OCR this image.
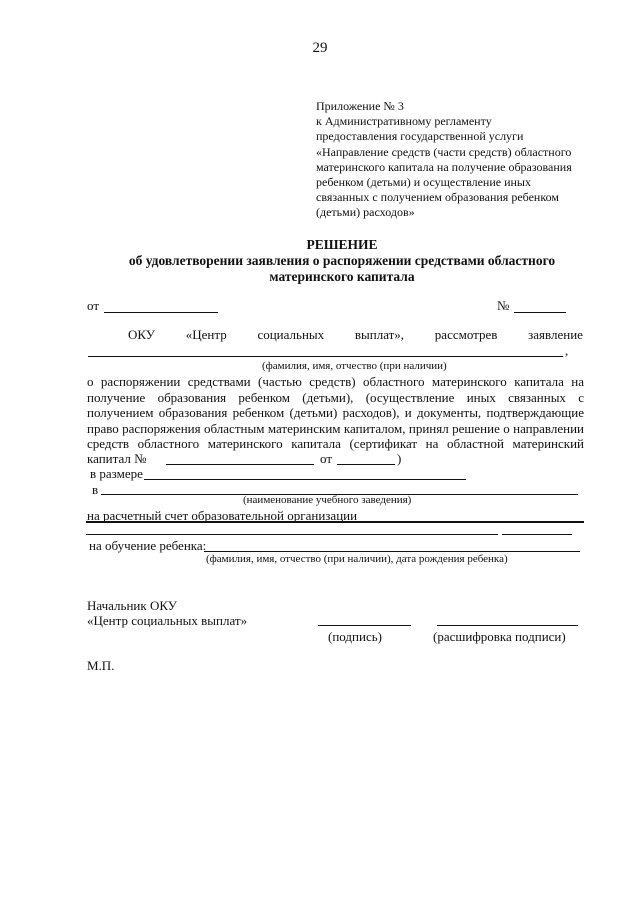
29
Приложение № 3
к Административному регламенту
предоставления государственной услуги
«Направление средств (части средств) областного
материнского капитала на получение образования
ребенком (детьми) и осуществление иных
связанных с получением образования ребенком
(детьми) расходов»
РЕШЕНИЕ
об удовлетворении заявления о распоряжении средствами областного
материнского капитала
от	№
ОКУ «Центр социальных выплат», рассмотрев заявление
,
(фамилия, имя, отчество (при наличии)
о распоряжении средствами (частью средств) областного материнского капитала на
получение образования ребенком (детьми), (осуществление иных связанных с
получением образования ребенком (детьми) расходов), и документы, подтверждающие
право распоряжения областным материнским капиталом, принял решение о направлении
средств областного материнского капитала (сертификат на областной материнский
капитал №	от	)
в размере
в
(наименование учебного заведения)
на расчетный счет образовательной организации
на обучение ребенка:
(фамилия, имя, отчество (при наличии), дата рождения ребенка)
Начальник ОКУ
«Центр социальных выплат»
(подпись)	(расшифровка подписи)
М.П.
